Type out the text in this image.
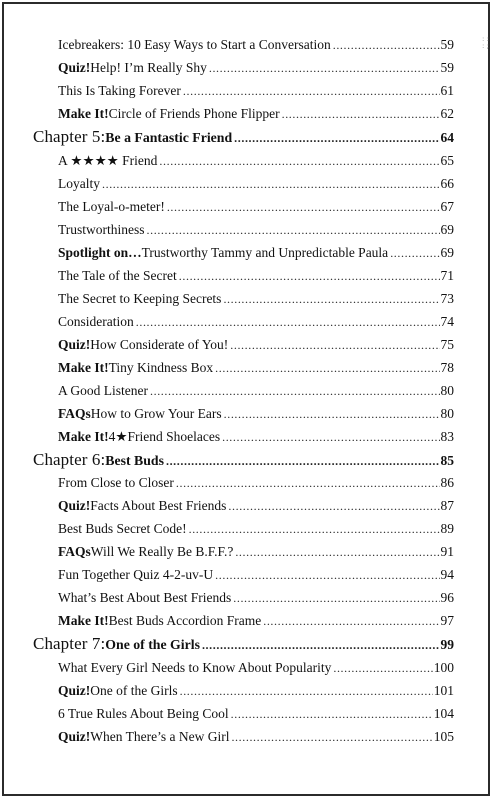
: :
: ;
Icebreakers: 10 Easy Ways to Start a Conversation .....	59
Quiz! Help! I’m Really Shy .....	59
This Is Taking Forever .....	61
Make It! Circle of Friends Phone Flipper .....	62
Chapter 5: Be a Fantastic Friend .....	64
A ★★★★ Friend .....	65
Loyalty .....	66
The Loyal-o-meter! .....	67
Trustworthiness .....	69
Spotlight on… Trustworthy Tammy and Unpredictable Paula .....	69
The Tale of the Secret .....	71
The Secret to Keeping Secrets .....	73
Consideration .....	74
Quiz! How Considerate of You! .....	75
Make It! Tiny Kindness Box .....	78
A Good Listener .....	80
FAQs How to Grow Your Ears .....	80
Make It! 4★Friend Shoelaces .....	83
Chapter 6: Best Buds .....	85
From Close to Closer .....	86
Quiz! Facts About Best Friends .....	87
Best Buds Secret Code! .....	89
FAQs Will We Really Be B.F.F.? .....	91
Fun Together Quiz 4-2-uv-U .....	94
What’s Best About Best Friends .....	96
Make It! Best Buds Accordion Frame .....	97
Chapter 7: One of the Girls .....	99
What Every Girl Needs to Know About Popularity .....	100
Quiz! One of the Girls .....	101
6 True Rules About Being Cool .....	104
Quiz! When There’s a New Girl .....	105
